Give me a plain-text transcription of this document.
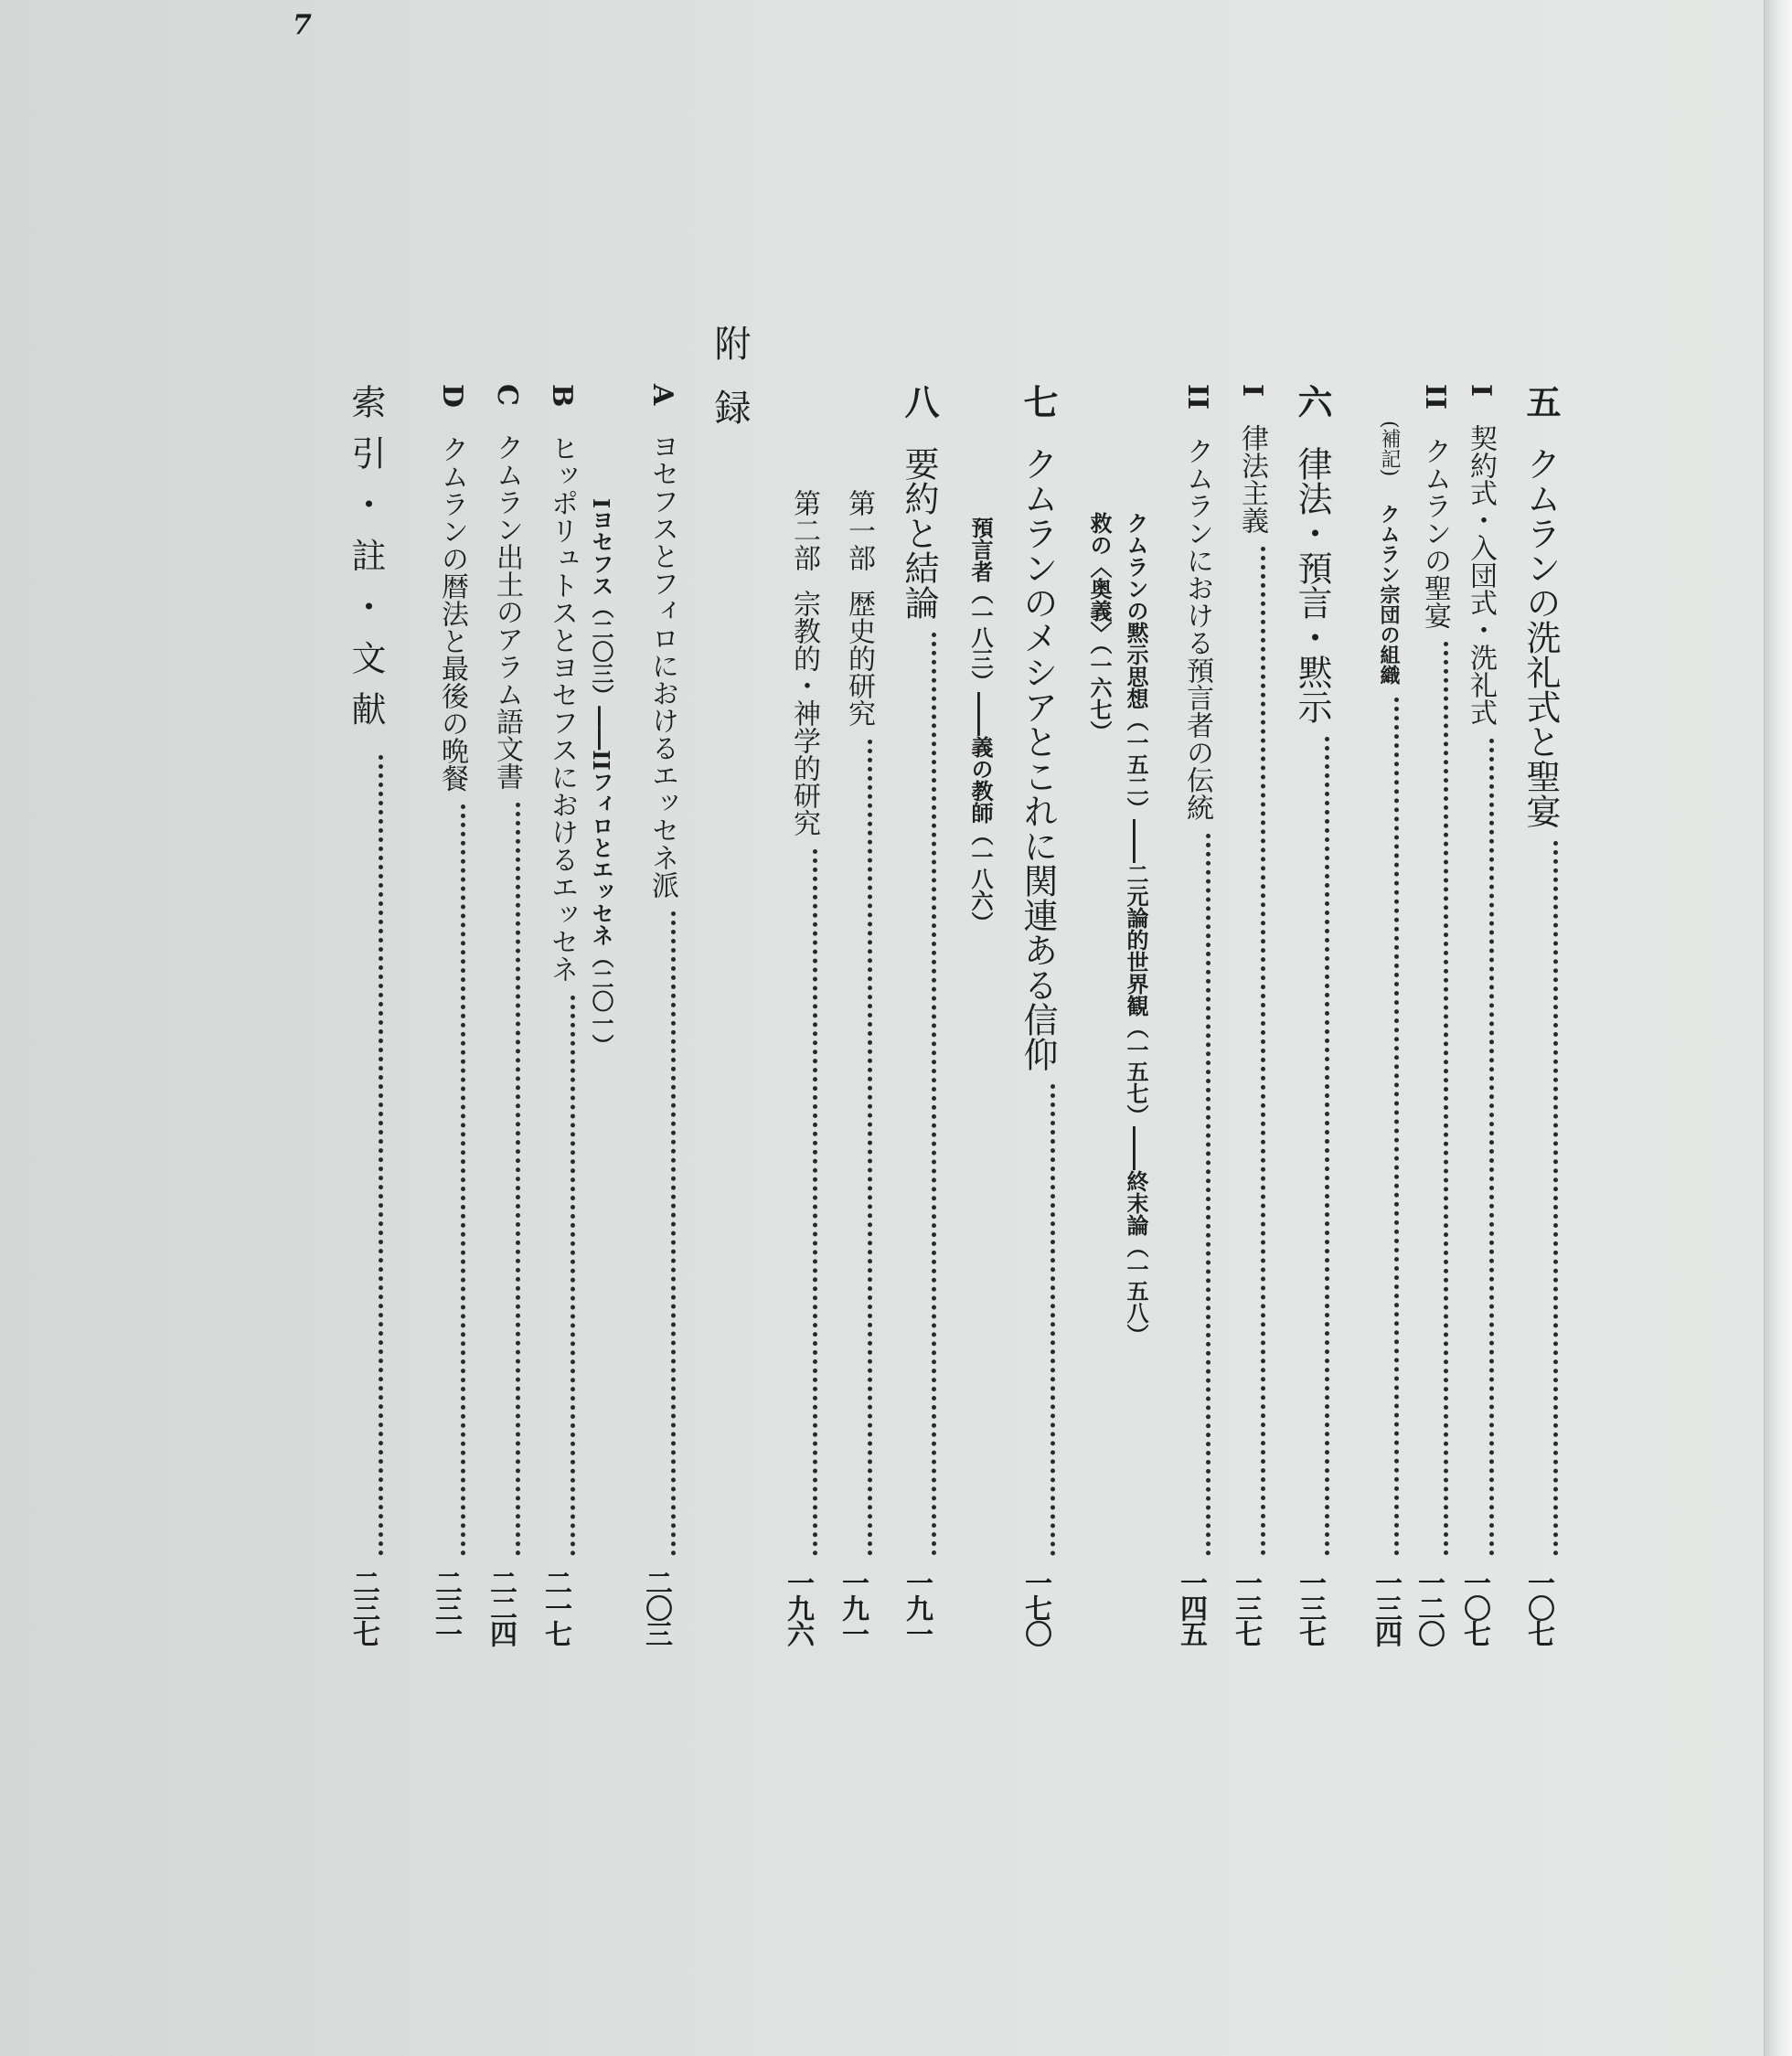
7
五
クムランの洗礼式と聖宴
一〇七
I
契約式・入団式・洗礼式
一〇七
II
クムランの聖宴
一二〇
(補記)
クムラン宗団の組織
一三四
六
律法・預言・黙示
一三七
I
律法主義
一三七
II
クムランにおける預言者の伝統
一四五
クムランの黙示思想（一五二）――二元論的世界観（一五七）――終末論（一五八）
救の〈奥義〉（一六七）
七
クムランのメシアとこれに関連ある信仰
一七〇
預言者（一八三）――義の教師（一八六）
八
要約と結論
一九一
第一部
歴史的研究
一九一
第二部
宗教的・神学的研究
一九六
附録
A
ヨセフスとフィロにおけるエッセネ派
二〇三
Iヨセフス（二〇三）――IIフィロとエッセネ（二〇一）
B
ヒッポリュトスとヨセフスにおけるエッセネ
二一七
C
クムラン出土のアラム語文書
二二四
D
クムランの暦法と最後の晩餐
二三一
索引・註・文献
二三七
